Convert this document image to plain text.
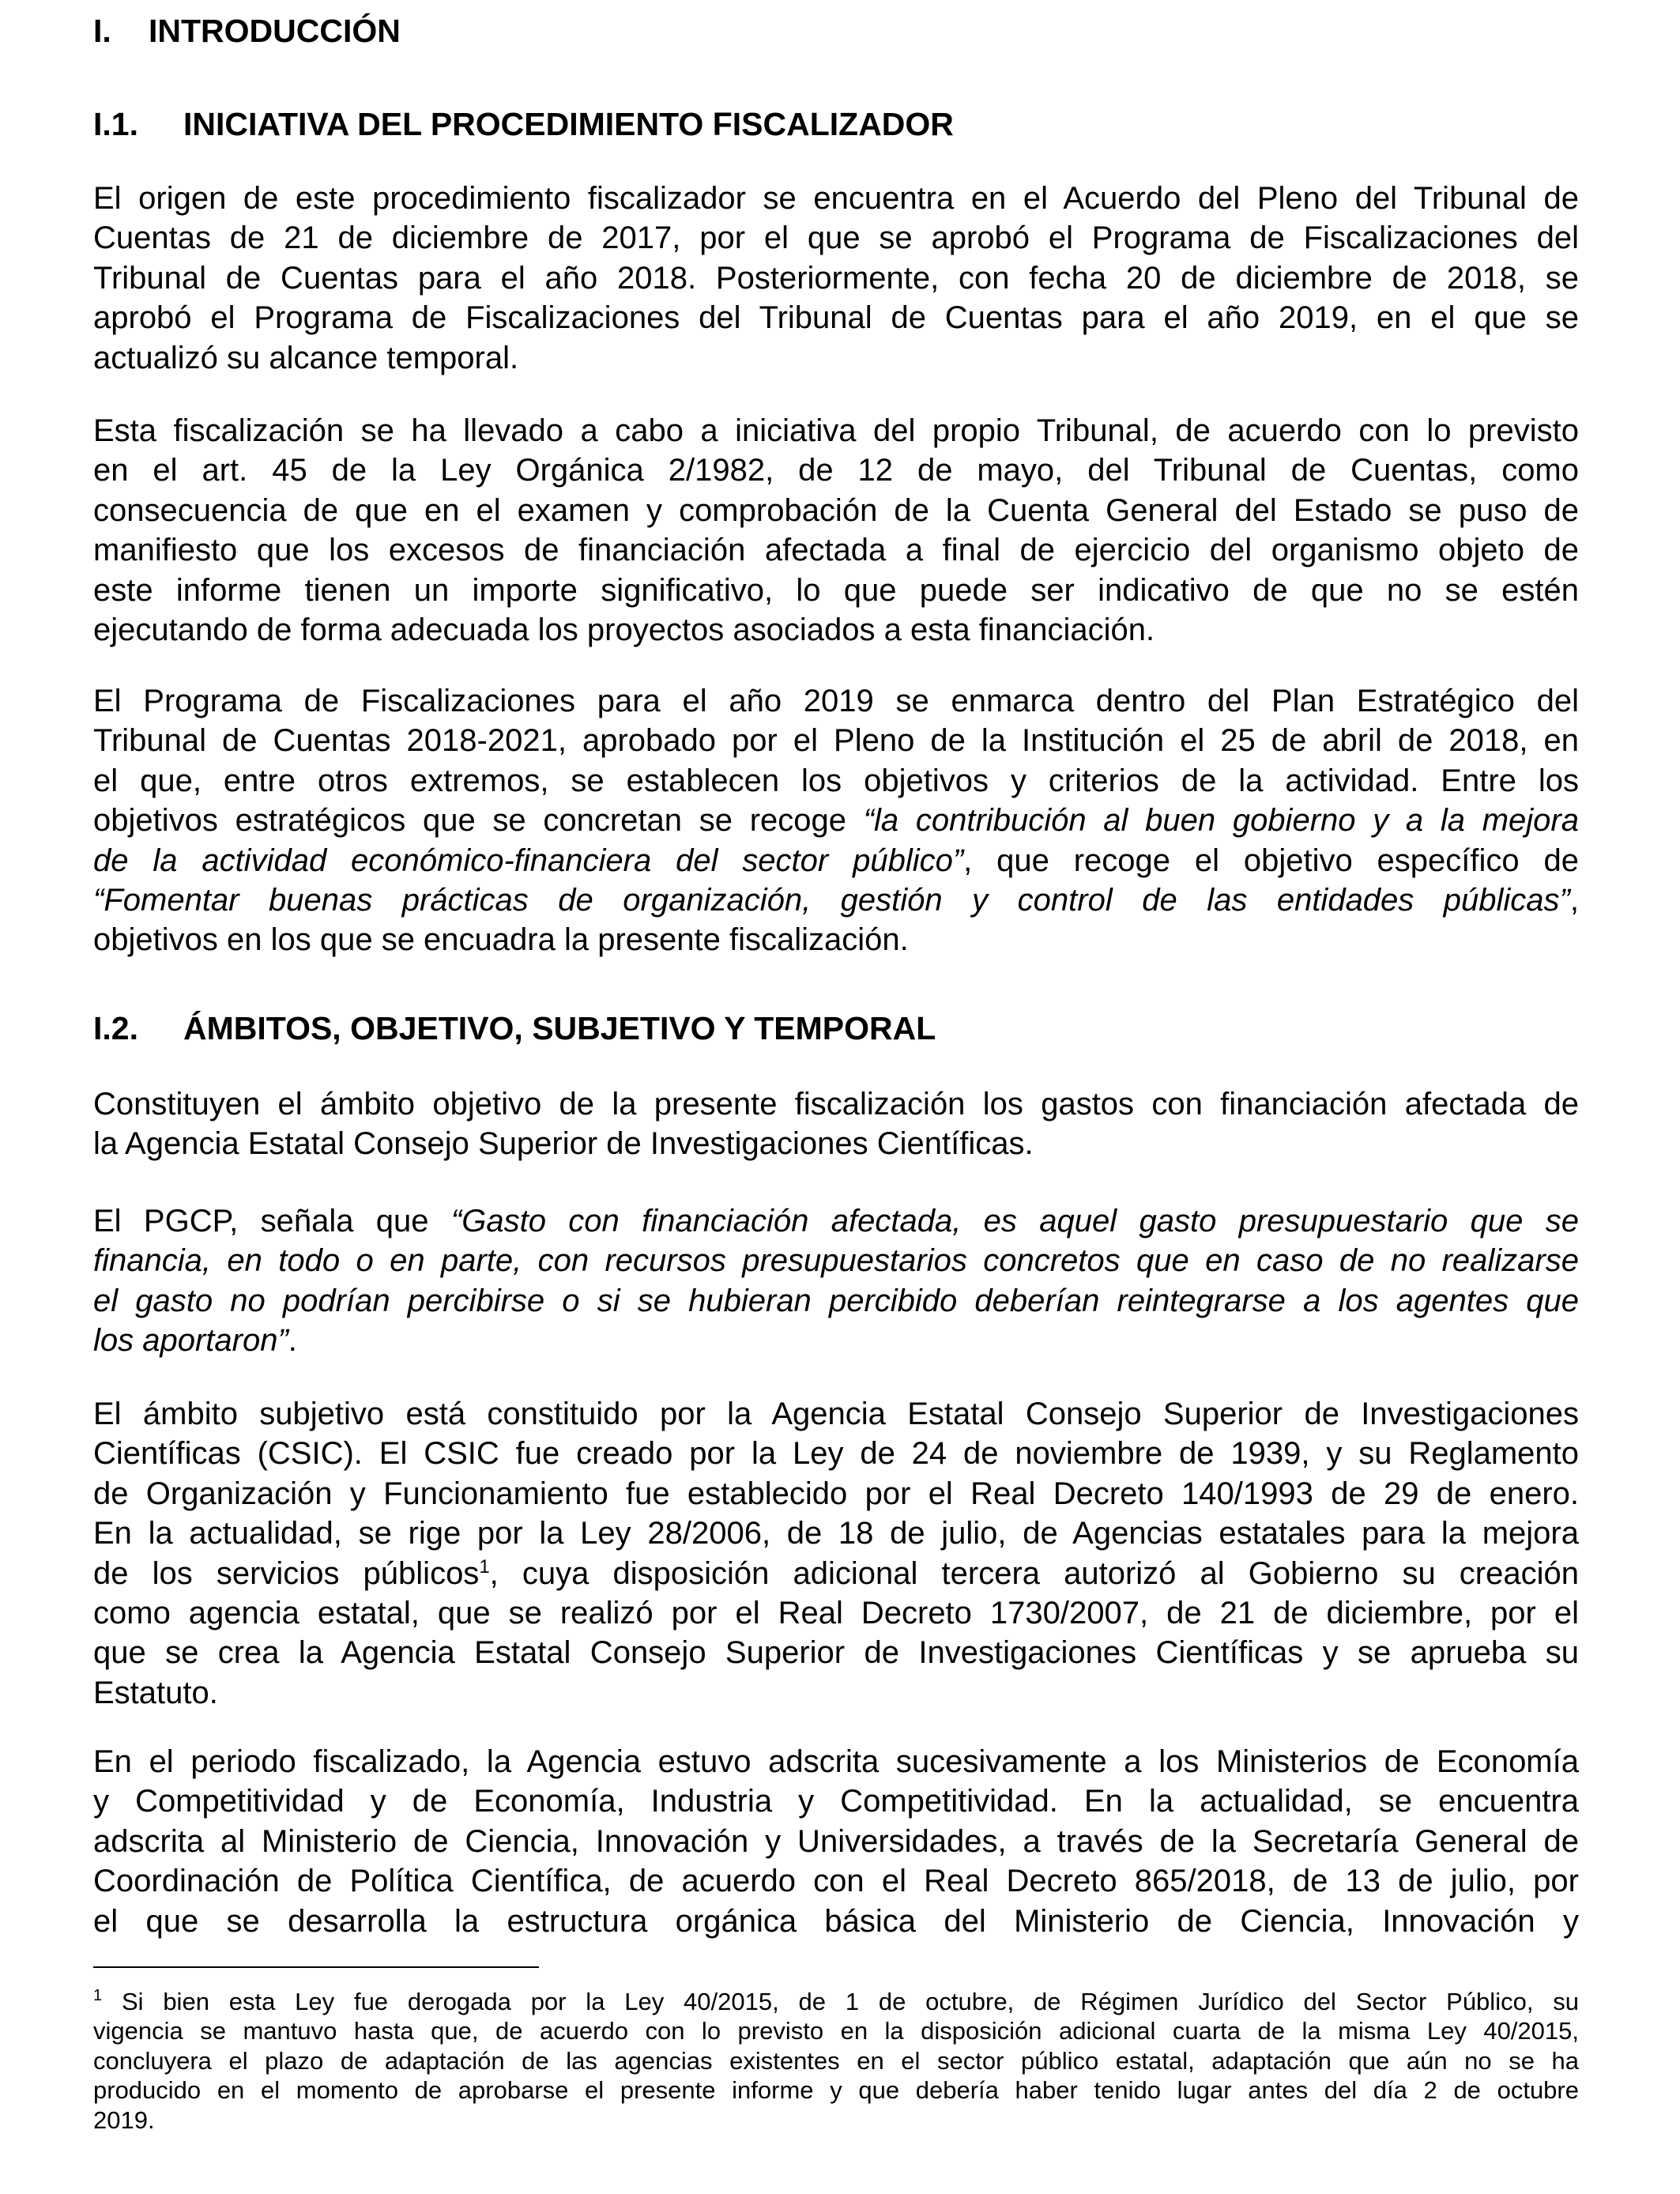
I. INTRODUCCIÓN
I.1. INICIATIVA DEL PROCEDIMIENTO FISCALIZADOR
El origen de este procedimiento fiscalizador se encuentra en el Acuerdo del Pleno del Tribunal de
Cuentas de 21 de diciembre de 2017, por el que se aprobó el Programa de Fiscalizaciones del
Tribunal de Cuentas para el año 2018. Posteriormente, con fecha 20 de diciembre de 2018, se
aprobó el Programa de Fiscalizaciones del Tribunal de Cuentas para el año 2019, en el que se
actualizó su alcance temporal.
Esta fiscalización se ha llevado a cabo a iniciativa del propio Tribunal, de acuerdo con lo previsto
en el art. 45 de la Ley Orgánica 2/1982, de 12 de mayo, del Tribunal de Cuentas, como
consecuencia de que en el examen y comprobación de la Cuenta General del Estado se puso de
manifiesto que los excesos de financiación afectada a final de ejercicio del organismo objeto de
este informe tienen un importe significativo, lo que puede ser indicativo de que no se estén
ejecutando de forma adecuada los proyectos asociados a esta financiación.
El Programa de Fiscalizaciones para el año 2019 se enmarca dentro del Plan Estratégico del
Tribunal de Cuentas 2018-2021, aprobado por el Pleno de la Institución el 25 de abril de 2018, en
el que, entre otros extremos, se establecen los objetivos y criterios de la actividad. Entre los
objetivos estratégicos que se concretan se recoge “la contribución al buen gobierno y a la mejora
de la actividad económico-financiera del sector público”, que recoge el objetivo específico de
“Fomentar buenas prácticas de organización, gestión y control de las entidades públicas”,
objetivos en los que se encuadra la presente fiscalización.
I.2. ÁMBITOS, OBJETIVO, SUBJETIVO Y TEMPORAL
Constituyen el ámbito objetivo de la presente fiscalización los gastos con financiación afectada de
la Agencia Estatal Consejo Superior de Investigaciones Científicas.
El PGCP, señala que “Gasto con financiación afectada, es aquel gasto presupuestario que se
financia, en todo o en parte, con recursos presupuestarios concretos que en caso de no realizarse
el gasto no podrían percibirse o si se hubieran percibido deberían reintegrarse a los agentes que
los aportaron”.
El ámbito subjetivo está constituido por la Agencia Estatal Consejo Superior de Investigaciones
Científicas (CSIC). El CSIC fue creado por la Ley de 24 de noviembre de 1939, y su Reglamento
de Organización y Funcionamiento fue establecido por el Real Decreto 140/1993 de 29 de enero.
En la actualidad, se rige por la Ley 28/2006, de 18 de julio, de Agencias estatales para la mejora
de los servicios públicos$^1$, cuya disposición adicional tercera autorizó al Gobierno su creación
como agencia estatal, que se realizó por el Real Decreto 1730/2007, de 21 de diciembre, por el
que se crea la Agencia Estatal Consejo Superior de Investigaciones Científicas y se aprueba su
Estatuto.
En el periodo fiscalizado, la Agencia estuvo adscrita sucesivamente a los Ministerios de Economía
y Competitividad y de Economía, Industria y Competitividad. En la actualidad, se encuentra
adscrita al Ministerio de Ciencia, Innovación y Universidades, a través de la Secretaría General de
Coordinación de Política Científica, de acuerdo con el Real Decreto 865/2018, de 13 de julio, por
el que se desarrolla la estructura orgánica básica del Ministerio de Ciencia, Innovación y
$^1$ Si bien esta Ley fue derogada por la Ley 40/2015, de 1 de octubre, de Régimen Jurídico del Sector Público, su
vigencia se mantuvo hasta que, de acuerdo con lo previsto en la disposición adicional cuarta de la misma Ley 40/2015,
concluyera el plazo de adaptación de las agencias existentes en el sector público estatal, adaptación que aún no se ha
producido en el momento de aprobarse el presente informe y que debería haber tenido lugar antes del día 2 de octubre
2019.
